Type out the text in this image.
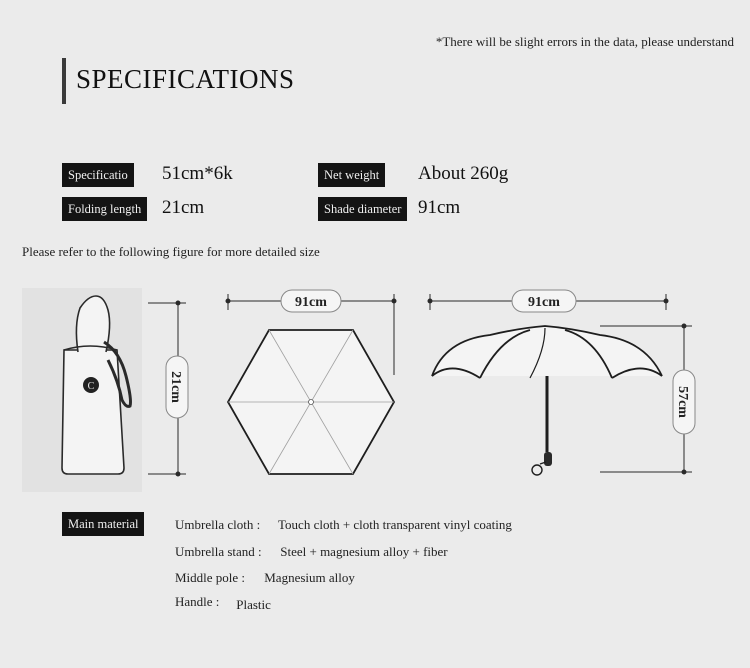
*There will be slight errors in the data, please understand
SPECIFICATIONS
Specificatio	51cm*6k	Net weight	About 260g
Folding length	21cm	Shade diameter 91cm
Please refer to the following figure for more detailed size
C	21cm
91cm	91cm
57cm
Main material	Umbrella cloth : Touch cloth + cloth transparent vinyl coating
Umbrella stand : Steel + magnesium alloy + fiber
Middle pole : Magnesium alloy
Handle : Plastic
